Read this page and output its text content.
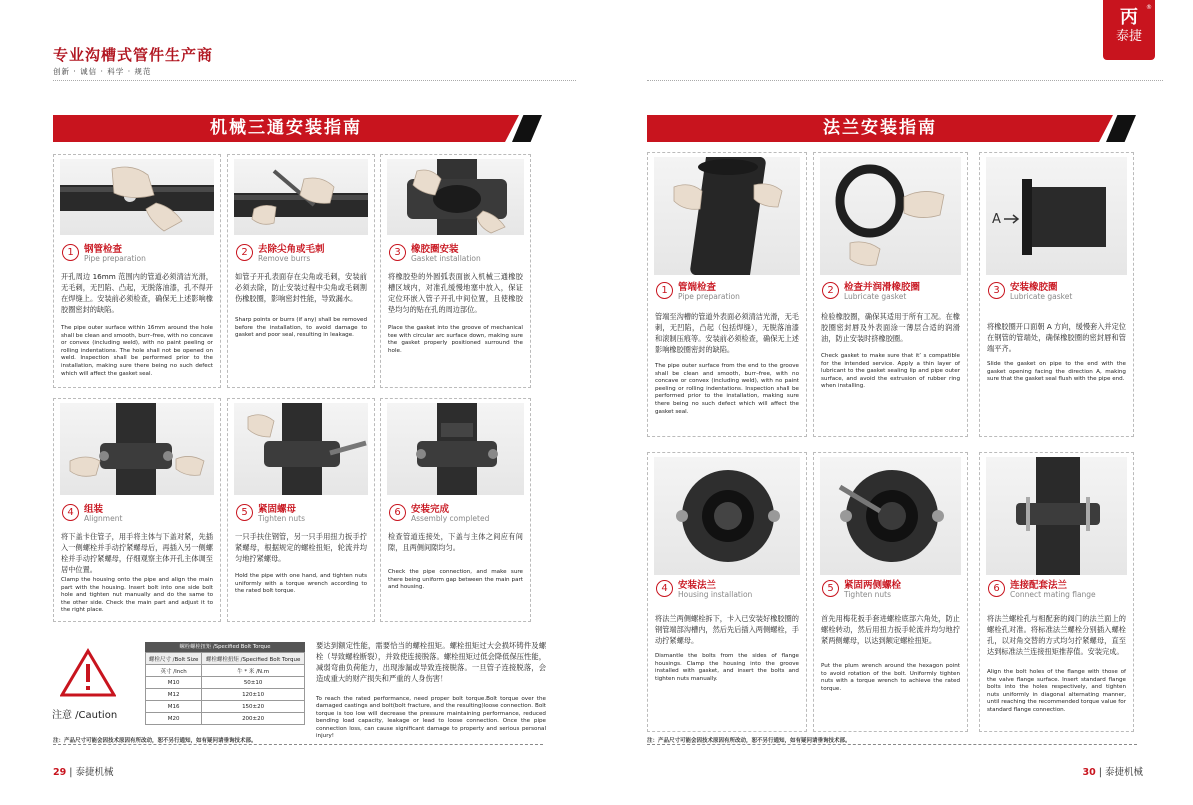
专业沟槽式管件生产商
创新 · 诚信 · 科学 · 规范
机械三通安装指南
1	钢管检查
Pipe preparation
开孔周边 16mm 范围内的管道必须清洁光滑，无毛刺，无凹陷、凸起，无脱落油漆，孔不得开在焊缝上。安装前必须检查，确保无上述影响橡胶圈密封的缺陷。
The pipe outer surface within 16mm around the hole shall be clean and smooth, burr–free, with no concave or convex (including weld), with no paint peeling or rolling indentations. The hole shall not be opened on weld. Inspection shall be performed prior to the installation, making sure there being no such defect which will affect the gasket seal.
2	去除尖角或毛刺
Remove burrs
如管子开孔表面存在尖角或毛刺，安装前必须去除，防止安装过程中尖角或毛刺割伤橡胶圈，影响密封性能，导致漏水。
Sharp points or burrs (if any) shall be removed before the installation, to avoid damage to gasket and poor seal, resulting in leakage.
3	橡胶圈安装
Gasket installation
将橡胶垫的外圆弧表面嵌入机械三通橡胶槽区域内，对准孔缓慢地塞中放入，保证定位环嵌入管子开孔中间位置，且使橡胶垫均匀的贴在孔的周边部位。
Place the gasket into the groove of mechanical tee with circular arc surface down, making sure the gasket properly positioned surround the hole.
4	组装
Alignment
将下盖卡住管子，用手将主体与下盖对紧，先插入一侧螺栓并手动拧紧螺母后，再插入另一侧螺栓并手动拧紧螺母，仔细观察主体开孔主体调至居中位置。
Clamp the housing onto the pipe and align the main part with the housing. Insert bolt into one side bolt hole and tighten nut manually and do the same to the other side. Check the main part and adjust it to the right place.
5	紧固螺母
Tighten nuts
一只手扶住钢管，另一只手用扭力扳手拧紧螺母，根据规定的螺栓扭矩，轮流并均匀地拧紧螺母。
Hold the pipe with one hand, and tighten nuts uniformly with a torque wrench according to the rated bolt torque.
6	安装完成
Assembly completed
检查管道连接处，下盖与主体之间应有间隙，且两侧间隙均匀。
Check the pipe connection, and make sure there being uniform gap between the main part and housing.
注意 /Caution
螺栓螺栓扭矩 /Specified Bolt Torque
螺栓尺寸 /Bolt Size	螺栓螺栓扭矩 /Specified Bolt Torque
英寸 /Inch	牛 * 米 /N.m
M10	50±10
M12	120±10
M16	150±20
M20	200±20
要达到额定性能，需要恰当的螺栓扭矩。螺栓扭矩过大会损坏铸件及螺栓（导致螺栓断裂），并致使连接脱落。螺栓扭矩过低会降低保压性能，减弱弯曲负荷能力，出现渗漏或导致连接脱落。一旦管子连接脱落，会造成重大的财产损失和严重的人身伤害！
To reach the rated performance, need proper bolt torque.Bolt torque over the damaged castings and bolt(bolt fracture, and the resulting)loose connection. Bolt torque is too low will decrease the pressure maintaining performance, reduced bending load capacity, leakage or lead to loose connection. Once the pipe connection loss, can cause significant damage to property and serious personal injury!
注：产品尺寸可能会因技术原因有所改动，恕不另行通知，如有疑问请垂询技术部。
29 | 泰捷机械
®
丙
泰捷
法兰安装指南
1	管端检查
Pipe preparation
管端至沟槽的管道外表面必须清洁光滑，无毛刺，无凹陷，凸起（包括焊缝），无脱落油漆和滚制压痕等。安装前必须检查，确保无上述影响橡胶圈密封的缺陷。
The pipe outer surface from the end to the groove shall be clean and smooth, burr–free, with no concave or convex (including weld), with no paint peeling or rolling indentations. Inspection shall be performed prior to the installation, making sure there being no such defect which will affect the gasket seal.
2	检查并润滑橡胶圈
Lubricate gasket
检验橡胶圈，确保其适用于所有工况。在橡胶圈密封唇及外表面涂一薄层合适的润滑油，防止安装时挤橡胶圈。
Check gasket to make sure that it’ s compatible for the intended service. Apply a thin layer of lubricant to the gasket sealing lip and pipe outer surface, and avoid the extrusion of rubber ring when installing.
A
3	安装橡胶圈
Lubricate gasket
将橡胶圈开口面朝 A 方向，缓慢套入并定位在钢管的管端处，确保橡胶圈的密封唇和管端平齐。
Slide the gasket on pipe to the end with the gasket opening facing the direction A, making sure that the gasket seal flush with the pipe end.
4	安装法兰
Housing installation
将法兰两侧螺栓拆下，卡入已安装好橡胶圈的钢管端部沟槽内，然后先后插入两侧螺栓，手动拧紧螺母。
Dismantle the bolts from the sides of flange housings. Clamp the housing into the groove installed with gasket, and insert the bolts and tighten nuts manually.
5	紧固两侧螺栓
Tighten nuts
首先用梅花扳手套进螺栓底部六角处，防止螺栓转动，然后用扭力扳手轮流并均匀地拧紧两侧螺母，以达到额定螺栓扭矩。
Put the plum wrench around the hexagon point to avoid rotation of the bolt. Uniformly tighten nuts with a torque wrench to achieve the rated torque.
6	连接配套法兰
Connect mating flange
将法兰螺栓孔与相配套的阀门的法兰面上的螺栓孔对准。将标准法兰螺栓分别插入螺栓孔，以对角交替的方式均匀拧紧螺母，直至达到标准法兰连接扭矩推荐值。安装完成。
Align the bolt holes of the flange with those of the valve flange surface. Insert standard flange bolts into the holes respectively, and tighten nuts uniformly in diagonal alternating manner, until reaching the recommended torque value for standard flange connection.
注：产品尺寸可能会因技术原因有所改动，恕不另行通知，如有疑问请垂询技术部。
30 | 泰捷机械
